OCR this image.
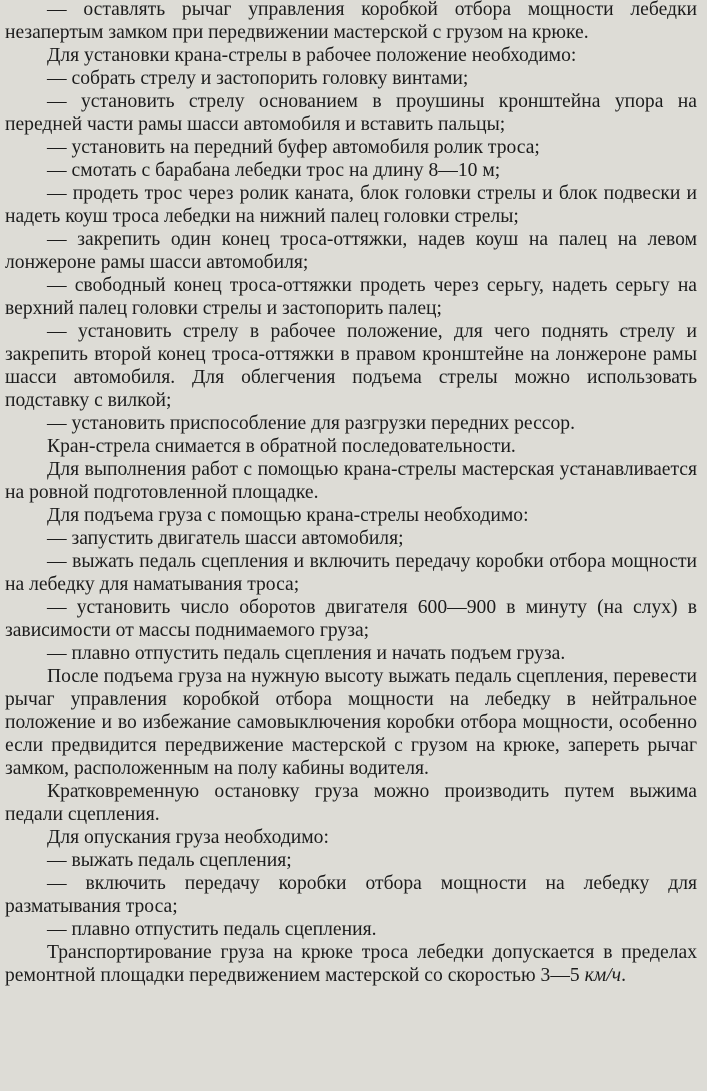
— оставлять рычаг управления коробкой отбора мощности лебедки незапертым замком при передвижении мастерской с грузом на крюке.

Для установки крана-стрелы в рабочее положение необходимо:

— собрать стрелу и застопорить головку винтами;

— установить стрелу основанием в проушины кронштейна упора на передней части рамы шасси автомобиля и вставить пальцы;

— установить на передний буфер автомобиля ролик троса;

— смотать с барабана лебедки трос на длину 8—10 м;

— продеть трос через ролик каната, блок головки стрелы и блок подвески и надеть коуш троса лебедки на нижний палец головки стрелы;

— закрепить один конец троса-оттяжки, надев коуш на палец на левом лонжероне рамы шасси автомобиля;

— свободный конец троса-оттяжки продеть через серьгу, надеть серьгу на верхний палец головки стрелы и застопорить палец;

— установить стрелу в рабочее положение, для чего поднять стрелу и закрепить второй конец троса-оттяжки в правом кронштейне на лонжероне рамы шасси автомобиля. Для облегчения подъема стрелы можно использовать подставку с вилкой;

— установить приспособление для разгрузки передних рессор.

Кран-стрела снимается в обратной последовательности.

Для выполнения работ с помощью крана-стрелы мастерская устанавливается на ровной подготовленной площадке.

Для подъема груза с помощью крана-стрелы необходимо:

— запустить двигатель шасси автомобиля;

— выжать педаль сцепления и включить передачу коробки отбора мощности на лебедку для наматывания троса;

— установить число оборотов двигателя 600—900 в минуту (на слух) в зависимости от массы поднимаемого груза;

— плавно отпустить педаль сцепления и начать подъем груза.

После подъема груза на нужную высоту выжать педаль сцепления, перевести рычаг управления коробкой отбора мощности на лебедку в нейтральное положение и во избежание самовыключения коробки отбора мощности, особенно если предвидится передвижение мастерской с грузом на крюке, запереть рычаг замком, расположенным на полу кабины водителя.

Кратковременную остановку груза можно производить путем выжима педали сцепления.

Для опускания груза необходимо:

— выжать педаль сцепления;

— включить передачу коробки отбора мощности на лебедку для разматывания троса;

— плавно отпустить педаль сцепления.

Транспортирование груза на крюке троса лебедки допускается в пределах ремонтной площадки передвижением мастерской со скоростью 3—5 км/ч.
